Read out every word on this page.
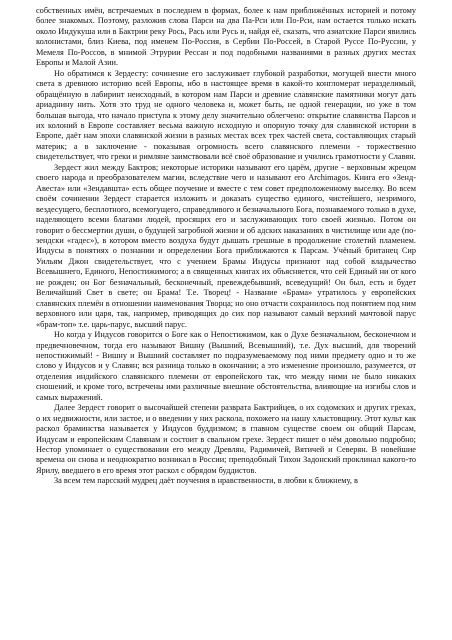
собственных имён, встречаемых в последнем в формах, более к нам приближённых историей и потому более знакомых. Поэтому, разложив слова Парси на два Па-Рси или По-Рси, нам остается только искать около Индукуша или в Бактрии реку Рось, Рась или Русь и, найдя её, сказать, что азиатские Парси явились колонистами, близ Киева, под именем По-Россия, в Сербии По-Россей, в Старой Руссе По-Руссии, у Мемеля По-Россов, в мнимой Этрурии Рессан и под подобными названиями в разных других местах Европы и Малой Азии.

Но обратимся к Зердесту: сочинение его заслуживает глубокой разработки, могущей внести много света в древнюю историю всей Европы, ибо в настоящее время в какой-то конгломерат неразделимый, обращённую в лабиринт неисходный, в котором нам Парси и древние славянские памятники могут дать ариаднину нить. Хотя это труд не одного человека и, может быть, не одной генерации, но уже в том большая выгода, что начало приступа к этому делу значительно облегчено: открытие славянства Парсов и их колоний в Европе составляет весьма важную исходную и опорную точку для славянской истории в Европе, даёт нам эпохи славянской жизни в разных местах всех трех частей света, составляющих старый материк; а в заключение - показывая огромность всего славянского племени - торжественно свидетельствует, что греки и римляне заимствовали всё своё образование и учились грамотности у Славян.

Зердест жил между Бактров; некоторые историки называют его царём, другие - верховным жрецом своего народа и преобразователем магии, вследствие чего и называют его Archimagos. Книга его «Зенд-Авеста» или «Зендавшта» есть общее поучение и вместе с тем совет предположенному выселку. Во всем своём сочинении Зердест старается изложить и доказать существо единого, чистейшего, незримого, вездесущего, бесплотного, всемогущего, справедливого и безначального Бога, познаваемого только в духе, наделяющего всеми благами людей, просящих его и заслуживающих того своей жизнью. Потом он говорит о бессмертии души, о будущей загробной жизни и об адских наказаниях в чистилище или аде (по-зендски «гадес»), в котором вместо воздуха будут дышать грешные в продолжение столетий пламенем. Индусы в понятиях о познании и определении Бога приближаются к Парсам. Учёный британец Сир Уильям Джон свидетельствует, что с учением Брамы Индусы признают над собой владычество Всевышнего, Единого, Непостижимого; а в священных книгах их объясняется, что сей Единый ни от кого не рожден; он Бог безначальный, бесконечный, превеждебывший, всеведущий! Он был, есть и будет Величайший Свет в свете; он Брама! Т.е. Творец! - Название «Брама» утратилось у европейских славянских племён в отношении наименования Творца; но оно отчасти сохранилось под понятием под ним верховного или царя, так, например, приводящих до сих пор называют самый верхний мачтовой парус «брам-топ» т.е. царь-парус, высший парус.

Но когда у Индусов говорится о Боге как о Непостижимом, как о Духе безначальном, бесконечном и предвечновечном, тогда его называют Вишну (Вышний, Всевышний), т.е. Дух высший, для творений непостижимый! - Вишну и Вышний составляет по подразумеваемому под ними предмету одно и то же слово у Индусов и у Славян; вся разница только в окончании; а это изменение произошло, разумеется, от отделения индийского славянского племени от европейского так, что между ними не было никаких сношений, и кроме того, встречены ими различные внешние обстоятельства, влияющие на изгибы слов и самых выражений.

Далее Зердест говорит о высочайшей степени разврата Бактрийцев, о их содомских и других грехах, о их недвижности, или застое, и о введении у них раскола, похожего на нашу хлыстовщину. Этот культ как раскол браминства называется у Индусов буддизмом; в главном существе своем он общий Парсам, Индусам и европейским Славянам и состоит в свальном грехе. Зердест пишет о нём довольно подробно; Нестор упоминает о существовании его между Древлян, Радимичей, Вятичей и Северян. В новейшие времена он снова и неоднократно возникал в России; преподобный Тихон Задонский проклинал какого-то Ярилу, введшего в его время этот раскол с обрядом буддистов.

За всем тем парсский мудрец даёт поучения в нравственности, в любви к ближнему, в
